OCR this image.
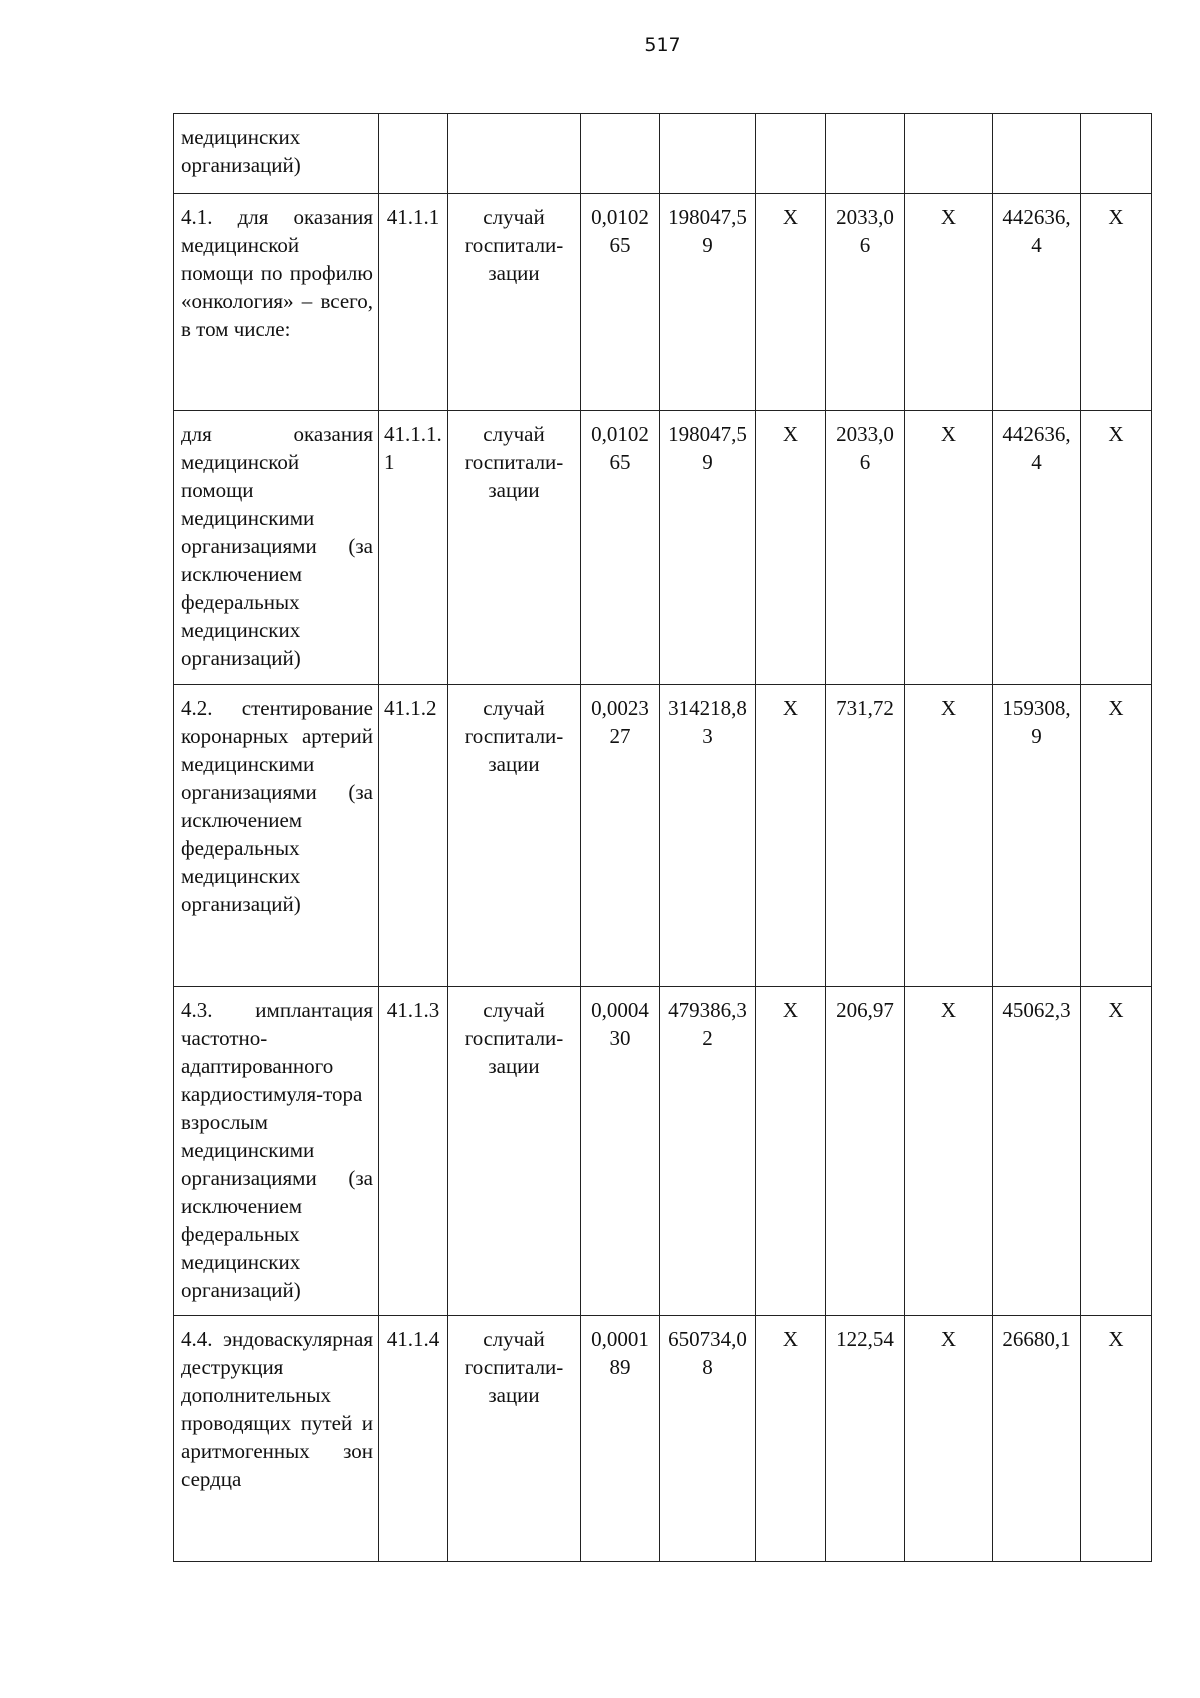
517
медицинских организаций)									
4.1. для оказания медицинской помощи по профилю «онкология» – всего, в том числе:	41.1.1	случай госпитали-зации	0,010265	198047,59	X	2033,06	X	442636,4	X
для оказания медицинской помощи медицинскими организациями (за исключением федеральных медицинских организаций)	41.1.1.1	случай госпитали-зации	0,010265	198047,59	X	2033,06	X	442636,4	X
4.2. стентирование коронарных артерий медицинскими организациями (за исключением федеральных медицинских организаций)	41.1.2	случай госпитали-зации	0,002327	314218,83	X	731,72	X	159308,9	X
4.3. имплантация частотно-адаптированного кардиостимуля-тора взрослым медицинскими организациями (за исключением федеральных медицинских организаций)	41.1.3	случай госпитали-зации	0,000430	479386,32	X	206,97	X	45062,3	X
4.4. эндоваскулярная деструкция дополнительных проводящих путей и аритмогенных зон сердца	41.1.4	случай госпитали-зации	0,000189	650734,08	X	122,54	X	26680,1	X
